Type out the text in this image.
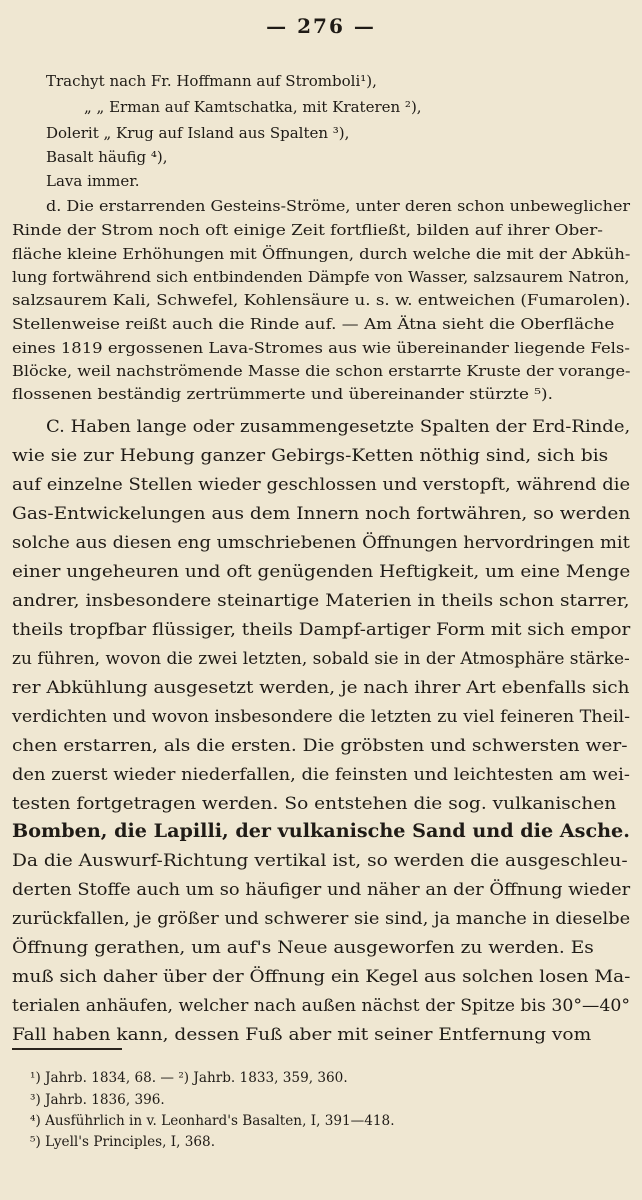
— 276 —
Trachyt nach Fr. Hoffmann auf Stromboli¹),
„ „ Erman auf Kamtschatka, mit Krateren ²),
Dolerit „ Krug auf Island aus Spalten ³),
Basalt häufig ⁴),
Lava immer.
d. Die erstarrenden Gesteins-Ströme, unter deren schon unbeweglicher
Rinde der Strom noch oft einige Zeit fortfließt, bilden auf ihrer Ober-
fläche kleine Erhöhungen mit Öffnungen, durch welche die mit der Abküh-
lung fortwährend sich entbindenden Dämpfe von Wasser, salzsaurem Natron,
salzsaurem Kali, Schwefel, Kohlensäure u. s. w. entweichen (Fumarolen).
Stellenweise reißt auch die Rinde auf. — Am Ätna sieht die Oberfläche
eines 1819 ergossenen Lava-Stromes aus wie übereinander liegende Fels-
Blöcke, weil nachströmende Masse die schon erstarrte Kruste der vorange-
flossenen beständig zertrümmerte und übereinander stürzte ⁵).
C. Haben lange oder zusammengesetzte Spalten der Erd-Rinde,
wie sie zur Hebung ganzer Gebirgs-Ketten nöthig sind, sich bis
auf einzelne Stellen wieder geschlossen und verstopft, während die
Gas-Entwickelungen aus dem Innern noch fortwähren, so werden
solche aus diesen eng umschriebenen Öffnungen hervordringen mit
einer ungeheuren und oft genügenden Heftigkeit, um eine Menge
andrer, insbesondere steinartige Materien in theils schon starrer,
theils tropfbar flüssiger, theils Dampf-artiger Form mit sich empor
zu führen, wovon die zwei letzten, sobald sie in der Atmosphäre stärke-
rer Abkühlung ausgesetzt werden, je nach ihrer Art ebenfalls sich
verdichten und wovon insbesondere die letzten zu viel feineren Theil-
chen erstarren, als die ersten. Die gröbsten und schwersten wer-
den zuerst wieder niederfallen, die feinsten und leichtesten am wei-
testen fortgetragen werden. So entstehen die sog. vulkanischen
Bomben, die Lapilli, der vulkanische Sand und die Asche.
Da die Auswurf-Richtung vertikal ist, so werden die ausgeschleu-
derten Stoffe auch um so häufiger und näher an der Öffnung wieder
zurückfallen, je größer und schwerer sie sind, ja manche in dieselbe
Öffnung gerathen, um auf's Neue ausgeworfen zu werden. Es
muß sich daher über der Öffnung ein Kegel aus solchen losen Ma-
terialen anhäufen, welcher nach außen nächst der Spitze bis 30°—40°
Fall haben kann, dessen Fuß aber mit seiner Entfernung vom
¹) Jahrb. 1834, 68. — ²) Jahrb. 1833, 359, 360.
³) Jahrb. 1836, 396.
⁴) Ausführlich in v. Leonhard's Basalten, I, 391—418.
⁵) Lyell's Principles, I, 368.
